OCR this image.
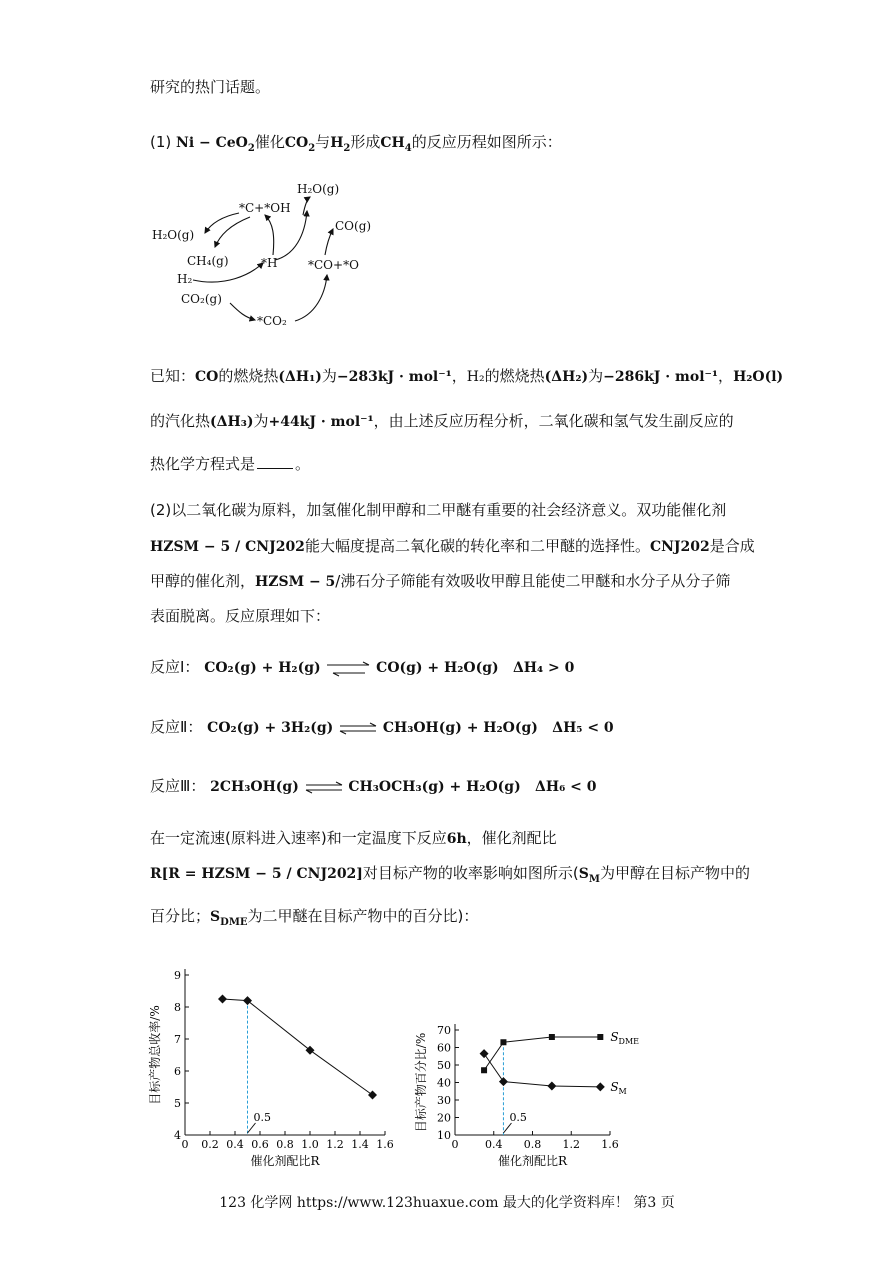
研究的热门话题。
(1) Ni − CeO$_2$催化$CO_2$与$H_2$形成$CH_4$的反应历程如图所示：
H₂O(g)
*C+*OH
CO(g)
H₂O(g)
CH₄(g)	*H	*CO+*O
H₂
CO₂(g)
*CO₂
已知：CO的燃烧热(ΔH₁)为−283kJ · mol⁻¹，H₂的燃烧热(ΔH₂)为−286kJ · mol⁻¹，H₂O(l)
的汽化热(ΔH₃)为+44kJ · mol⁻¹，由上述反应历程分析，二氧化碳和氢气发生副反应的
热化学方程式是	。
(2)以二氧化碳为原料，加氢催化制甲醇和二甲醚有重要的社会经济意义。双功能催化剂
HZSM − 5 / CNJ202能大幅度提高二氧化碳的转化率和二甲醚的选择性。CNJ202是合成
甲醇的催化剂，HZSM − 5/沸石分子筛能有效吸收甲醇且能使二甲醚和水分子从分子筛
表面脱离。反应原理如下：
反应Ⅰ： CO₂(g) + H₂(g) ⇌ CO(g) + H₂O(g) ΔH₄ > 0
反应Ⅱ： CO₂(g) + 3H₂(g) ⇌ CH₃OH(g) + H₂O(g) ΔH₅ < 0
反应Ⅲ： 2CH₃OH(g) ⇌ CH₃OCH₃(g) + H₂O(g) ΔH₆ < 0
在一定流速(原料进入速率)和一定温度下反应6h，催化剂配比
R[R = HZSM − 5 / CNJ202]对目标产物的收率影响如图所示($S_M$为甲醇在目标产物中的
百分比；$S_{DME}$为二甲醚在目标产物中的百分比)：
0 0.2 0.4 0.6 0.8 1.0 1.2 1.4 1.6
4
5
6
7
8
9
催化剂配比R
目标产物总收率/%
0.5
0 0.4 0.8 1.2 1.6
10
20
30
40
50
60
70
催化剂配比R
目标产物百分比/%	0.5
$S_{DME}$
$S_M$
123 化学网 https://www.123huaxue.com 最大的化学资料库！ 第3 页
